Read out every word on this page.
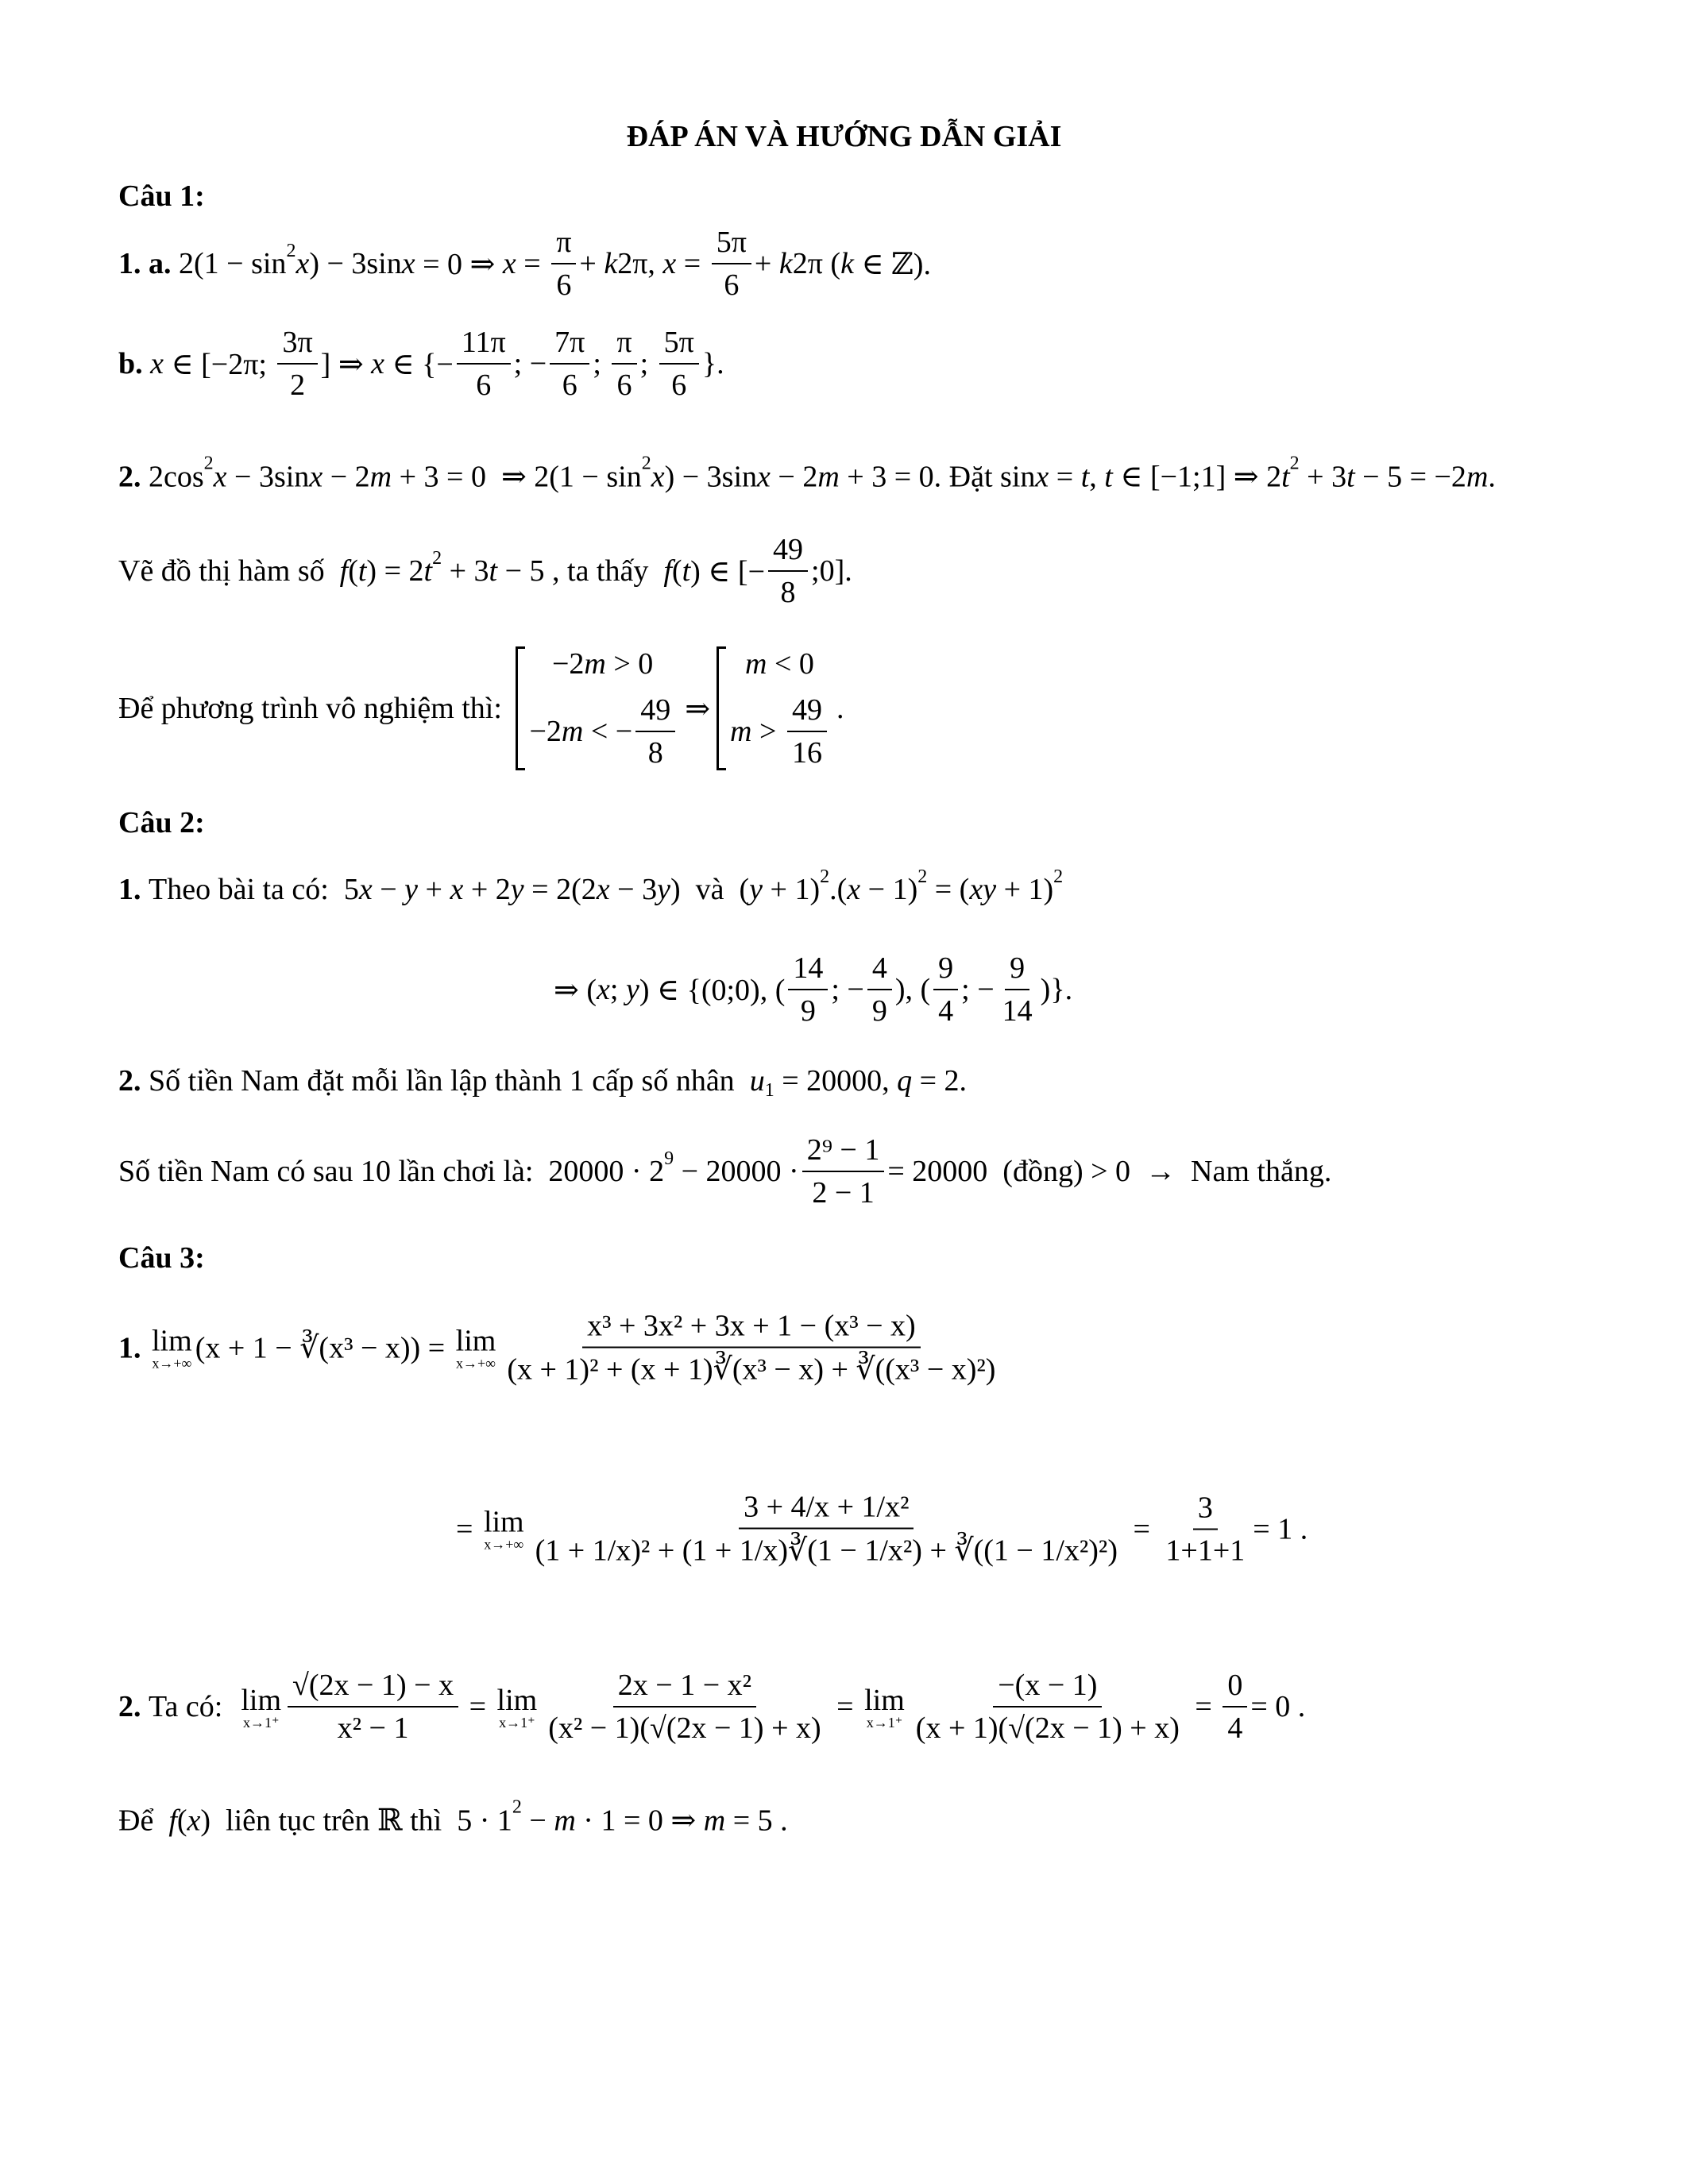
ĐÁP ÁN VÀ HƯỚNG DẪN GIẢI
Câu 1:
1. a. 2(1 − sin 2 x ) − 3sin x = 0 ⇒ $x = \frac{\pi}{6} + k$ 2π, $x = \frac{5\pi}{6} + k$ 2π ( k ∈ ℤ).
b. x ∈ [−2π; $\frac{3\pi}{2}$ ] ⇒ x ∈ {− $\frac{11\pi}{6}$ ; − $\frac{7\pi}{6}$ ; $\frac{\pi}{6}$ ; $\frac{5\pi}{6}$ }.
2. 2cos 2 x − 3sin x − 2 m + 3 = 0  ⇒ 2(1 − sin 2 x ) − 3sin x − 2 m + 3 = 0. Đặt sin x = t , t ∈ [−1;1] ⇒ 2 t 2 + 3 t − 5 = −2 m .
Vẽ đồ thị hàm số f ( t ) = 2 t 2 + 3 t − 5 , ta thấy f ( t ) ∈ [− $\frac{49}{8}$ ;0].
Để phương trình vô nghiệm thì:
−2 m > 0
−2 m < − $\frac{49}{8}$ ⇒

m < 0
$m > \frac{49}{16}$ .
Câu 2:
1. Theo bài ta có:  5 x − y + x + 2 y = 2(2 x − 3 y )  và  ( y + 1) 2 .( x − 1) 2 = ( xy + 1) 2
⇒ ( x ; y ) ∈ {(0;0), ( $\frac{14}{9}$ ; − $\frac{4}{9}$ ), ( $\frac{9}{4}$ ; − $\frac{9}{14}$ )}.
2. Số tiền Nam đặt mỗi lần lập thành 1 cấp số nhân u 1 = 20000, q = 2.
Số tiền Nam có sau 10 lần chơi là:  20000 · 2 $9 - 20000 \cdot \frac{\text{2⁹ − 1}}{2 - 1} = 20000$  (đồng) > 0  →  Nam thắng.
Câu 3:
1. lim
x→+∞ (x + 1 − ∛(x³ − x)) = lim
$x\to+\infty \frac{\text{x³ + 3x² + 3x + 1 − (x³ − x)}}{\text{(x + 1)² + (x + 1)∛(x³ − x) + ∛((x³ − x)²)}}$
= lim
$x\to+\infty \frac{\text{3 + 4/x + 1/x²}}{\text{(1 + 1/x)² + (1 + 1/x)∛(1 − 1/x²) + ∛((1 − 1/x²)²)}} = \frac{3}{1+1+1} = 1$ .
2. Ta có: lim
$x\to 1^+ \frac{√(2x - 1) - x}{\text{x² − 1}} = \lim$
$x\to 1^+ \frac{\text{2x − 1 − x²}}{\text{(x² − 1)(√(2x − 1) + x)}} = \lim$
$x\to 1^+ \frac{-(x - 1)}{(x + 1)(√(2x - 1) + x)} = \frac{0}{4} = 0$ .
Để f ( x )  liên tục trên ℝ thì  5 · 1 2 − m · 1 = 0 ⇒ m = 5 .
